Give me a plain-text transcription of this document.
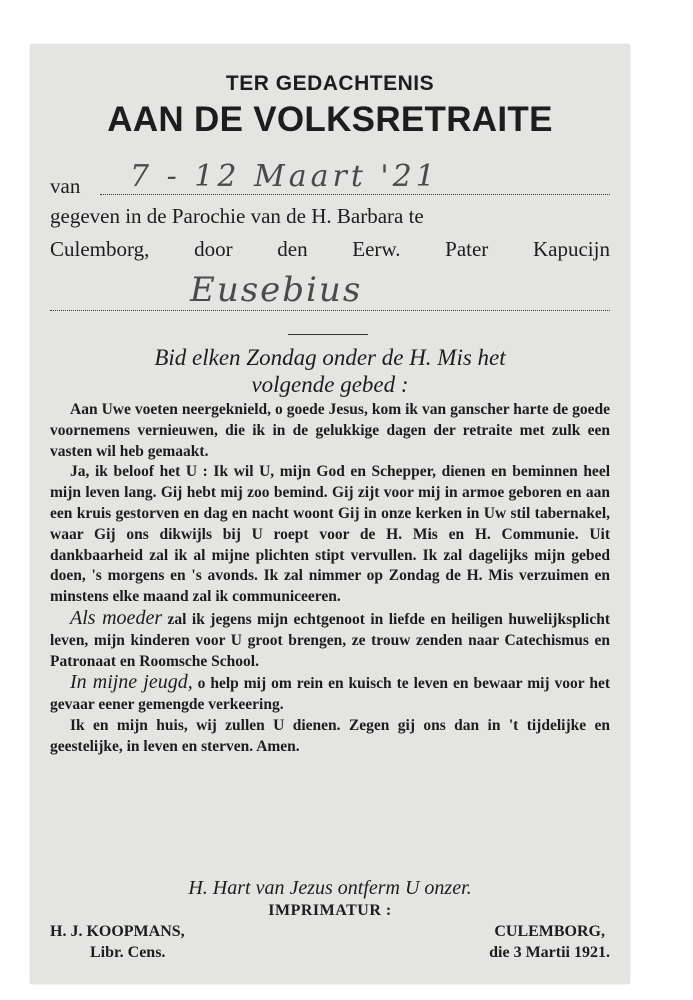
TER GEDACHTENIS
AAN DE VOLKSRETRAITE
van 7 - 12 Maart '21
gegeven in de Parochie van de H. Barbara te
Culemborg, door den Eerw. Pater Kapucijn
Eusebius
Bid elken Zondag onder de H. Mis het
volgende gebed :

Aan Uwe voeten neergeknield, o goede Jesus, kom ik van ganscher harte de goede voornemens vernieuwen, die ik in de gelukkige dagen der retraite met zulk een vasten wil heb gemaakt.

Ja, ik beloof het U : Ik wil U, mijn God en Schepper, dienen en beminnen heel mijn leven lang. Gij hebt mij zoo bemind. Gij zijt voor mij in armoe geboren en aan een kruis gestorven en dag en nacht woont Gij in onze kerken in Uw stil tabernakel, waar Gij ons dikwijls bij U roept voor de H. Mis en H. Communie. Uit dankbaarheid zal ik al mijne plichten stipt vervullen. Ik zal dagelijks mijn gebed doen, 's morgens en 's avonds. Ik zal nimmer op Zondag de H. Mis verzuimen en minstens elke maand zal ik communiceeren.

Als moeder zal ik jegens mijn echtgenoot in liefde en heiligen huwelijksplicht leven, mijn kinderen voor U groot brengen, ze trouw zenden naar Catechismus en Patronaat en Roomsche School.

In mijne jeugd, o help mij om rein en kuisch te leven en bewaar mij voor het gevaar eener gemengde verkeering.

Ik en mijn huis, wij zullen U dienen. Zegen gij ons dan in 't tijdelijke en geestelijke, in leven en sterven. Amen.

H. Hart van Jezus ontferm U onzer.
IMPRIMATUR :
H. J. KOOPMANS,
Libr. Cens.
CULEMBORG,
die 3 Martii 1921.
